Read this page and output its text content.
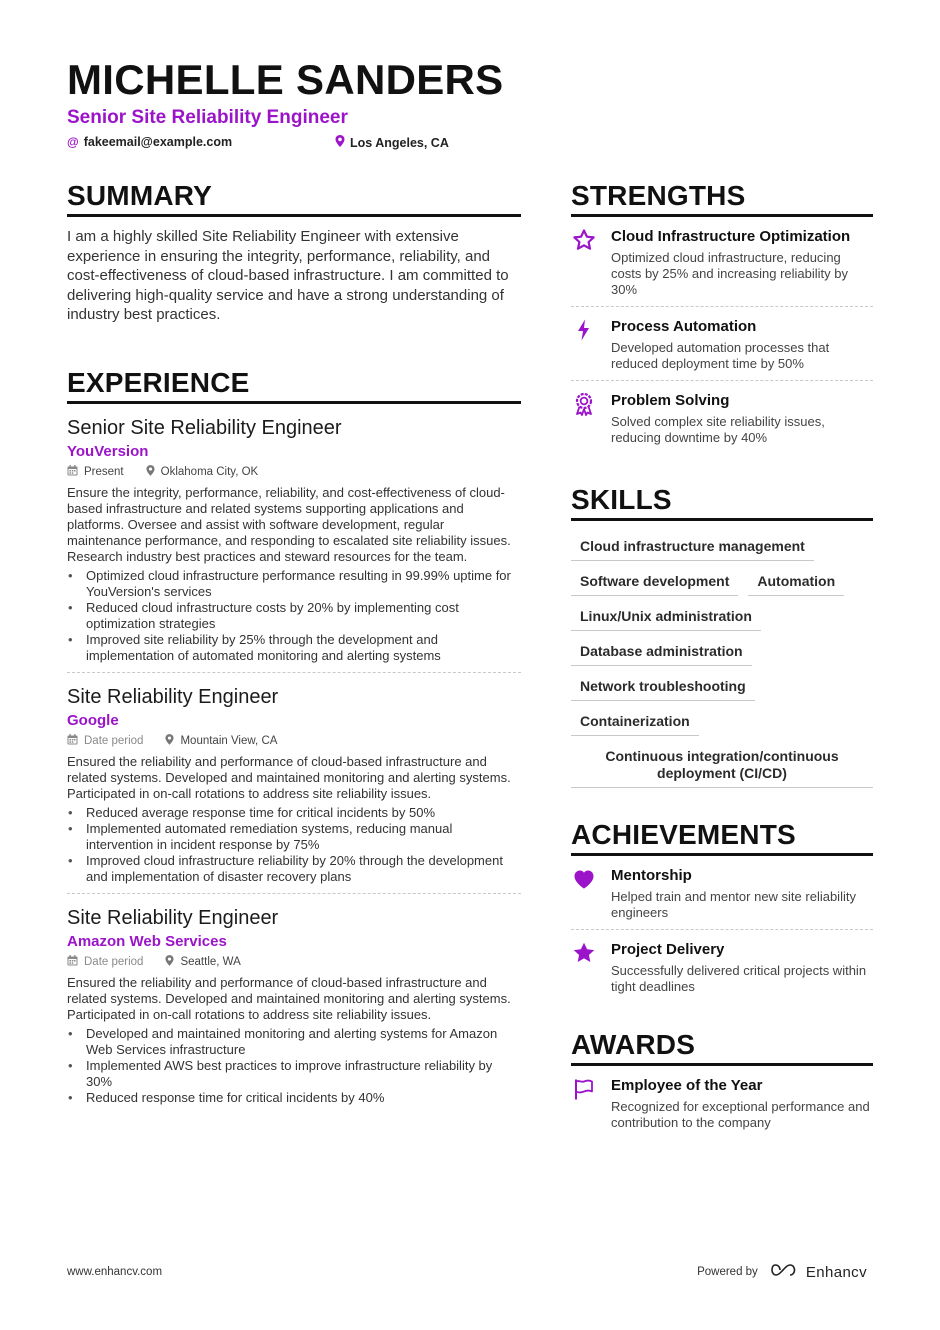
MICHELLE SANDERS
Senior Site Reliability Engineer
@ fakeemail@example.com	Los Angeles, CA
SUMMARY
I am a highly skilled Site Reliability Engineer with extensive experience in ensuring the integrity, performance, reliability, and cost-effectiveness of cloud-based infrastructure. I am committed to delivering high-quality service and have a strong understanding of industry best practices.
EXPERIENCE
Senior Site Reliability Engineer
YouVersion
Present	Oklahoma City, OK
Ensure the integrity, performance, reliability, and cost-effectiveness of cloud-based infrastructure and related systems supporting applications and platforms. Oversee and assist with software development, regular maintenance performance, and responding to escalated site reliability issues. Research industry best practices and steward resources for the team.
• Optimized cloud infrastructure performance resulting in 99.99% uptime for YouVersion's services
• Reduced cloud infrastructure costs by 20% by implementing cost optimization strategies
• Improved site reliability by 25% through the development and implementation of automated monitoring and alerting systems
Site Reliability Engineer
Google
Date period	Mountain View, CA
Ensured the reliability and performance of cloud-based infrastructure and related systems. Developed and maintained monitoring and alerting systems. Participated in on-call rotations to address site reliability issues.
• Reduced average response time for critical incidents by 50%
• Implemented automated remediation systems, reducing manual intervention in incident response by 75%
• Improved cloud infrastructure reliability by 20% through the development and implementation of disaster recovery plans
Site Reliability Engineer
Amazon Web Services
Date period	Seattle, WA
Ensured the reliability and performance of cloud-based infrastructure and related systems. Developed and maintained monitoring and alerting systems. Participated in on-call rotations to address site reliability issues.
• Developed and maintained monitoring and alerting systems for Amazon Web Services infrastructure
• Implemented AWS best practices to improve infrastructure reliability by 30%
• Reduced response time for critical incidents by 40%
STRENGTHS
Cloud Infrastructure Optimization
Optimized cloud infrastructure, reducing costs by 25% and increasing reliability by 30%
Process Automation
Developed automation processes that reduced deployment time by 50%
Problem Solving
Solved complex site reliability issues, reducing downtime by 40%
SKILLS
Cloud infrastructure management
Software development	Automation
Linux/Unix administration
Database administration
Network troubleshooting
Containerization
Continuous integration/continuous deployment (CI/CD)
ACHIEVEMENTS
Mentorship
Helped train and mentor new site reliability engineers
Project Delivery
Successfully delivered critical projects within tight deadlines
AWARDS
Employee of the Year
Recognized for exceptional performance and contribution to the company
www.enhancv.com	Powered by	Enhancv
